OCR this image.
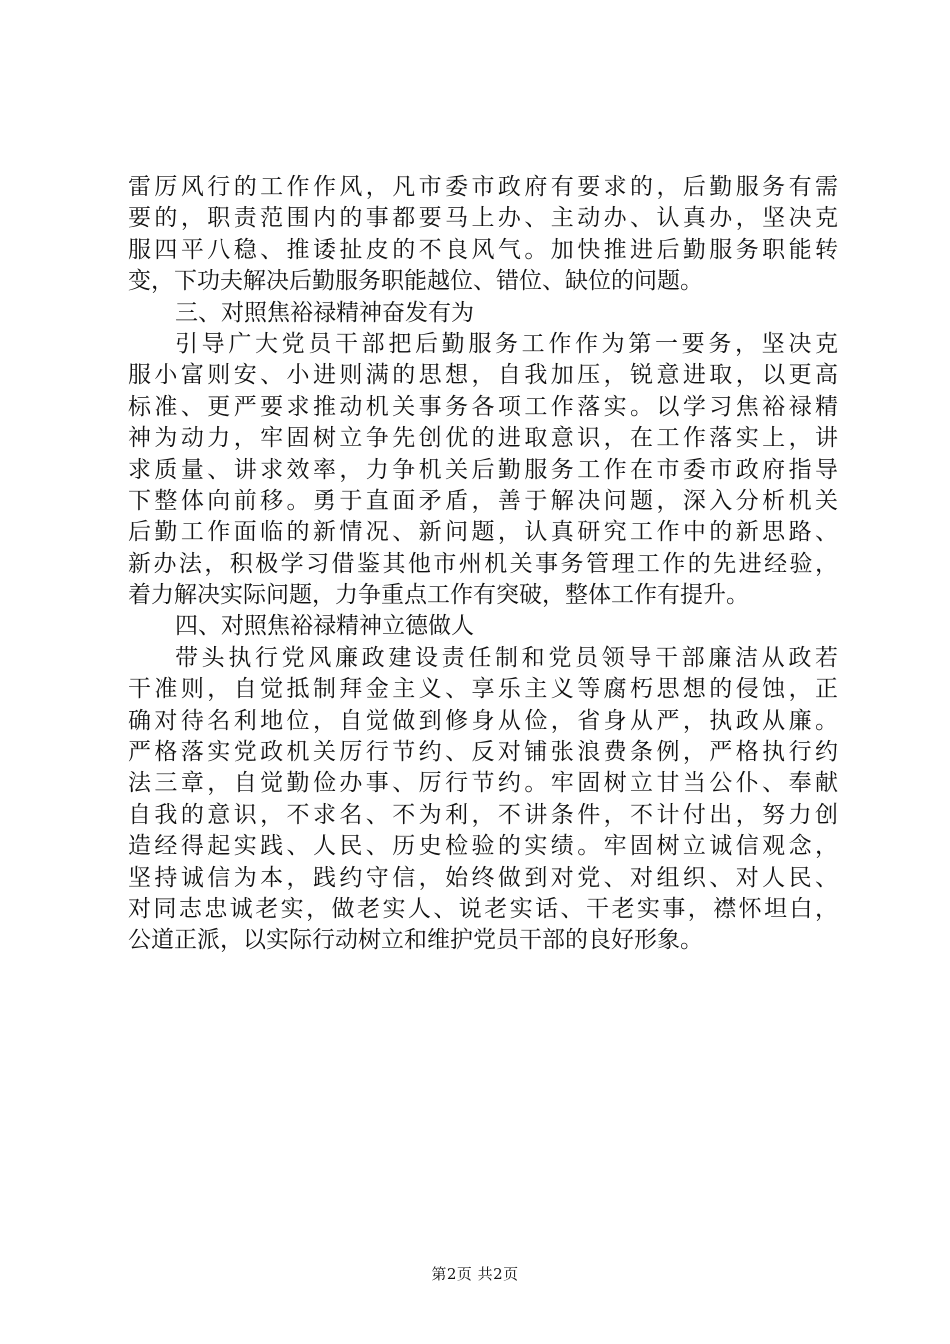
雷厉风行的工作作风，凡市委市政府有要求的，后勤服务有需
要的，职责范围内的事都要马上办、主动办、认真办，坚决克
服四平八稳、推诿扯皮的不良风气。加快推进后勤服务职能转
变，下功夫解决后勤服务职能越位、错位、缺位的问题。
三、对照焦裕禄精神奋发有为
引导广大党员干部把后勤服务工作作为第一要务，坚决克
服小富则安、小进则满的思想，自我加压，锐意进取，以更高
标准、更严要求推动机关事务各项工作落实。以学习焦裕禄精
神为动力，牢固树立争先创优的进取意识，在工作落实上，讲
求质量、讲求效率，力争机关后勤服务工作在市委市政府指导
下整体向前移。勇于直面矛盾，善于解决问题，深入分析机关
后勤工作面临的新情况、新问题，认真研究工作中的新思路、
新办法，积极学习借鉴其他市州机关事务管理工作的先进经验，
着力解决实际问题，力争重点工作有突破，整体工作有提升。
四、对照焦裕禄精神立德做人
带头执行党风廉政建设责任制和党员领导干部廉洁从政若
干准则，自觉抵制拜金主义、享乐主义等腐朽思想的侵蚀，正
确对待名利地位，自觉做到修身从俭，省身从严，执政从廉。
严格落实党政机关厉行节约、反对铺张浪费条例，严格执行约
法三章，自觉勤俭办事、厉行节约。牢固树立甘当公仆、奉献
自我的意识，不求名、不为利，不讲条件，不计付出，努力创
造经得起实践、人民、历史检验的实绩。牢固树立诚信观念，
坚持诚信为本，践约守信，始终做到对党、对组织、对人民、
对同志忠诚老实，做老实人、说老实话、干老实事，襟怀坦白，
公道正派，以实际行动树立和维护党员干部的良好形象。
第2页 共2页
